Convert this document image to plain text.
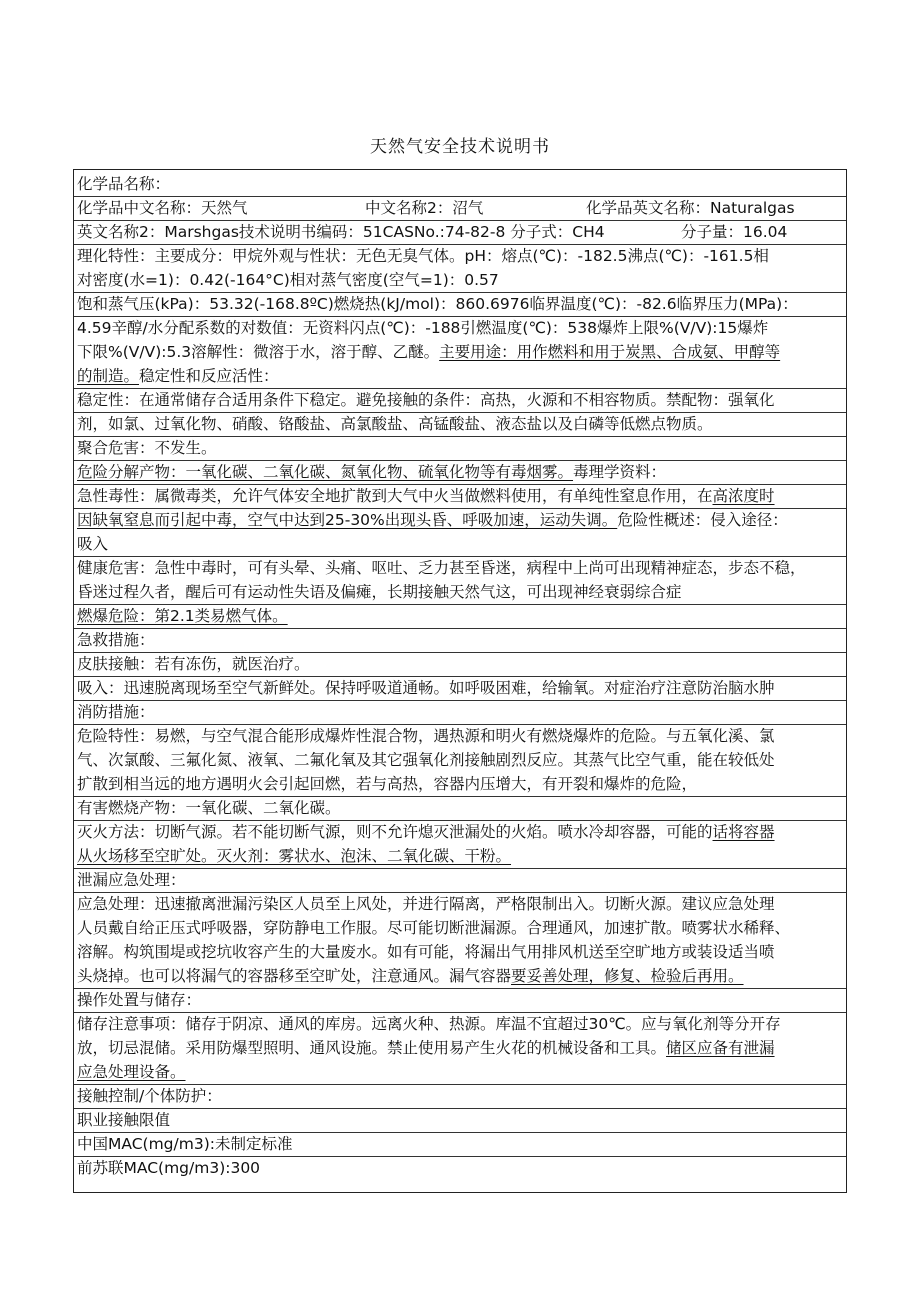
天然气安全技术说明书
化学品名称：
化学品中文名称：天然气	中文名称2：沼气	化学品英文名称：Naturalgas
英文名称2：Marshgas技术说明书编码：51CASNo.:74-82-8 分子式：CH4	分子量：16.04
理化特性：主要成分：甲烷外观与性状：无色无臭气体。pH：熔点(℃)：-182.5沸点(℃)：-161.5相
对密度(水=1)：0.42(-164°C)相对蒸气密度(空气=1)：0.57
饱和蒸气压(kPa)：53.32(-168.8ºC)燃烧热(kJ/mol)：860.6976临界温度(℃)：-82.6临界压力(MPa)：
4.59辛醇/水分配系数的对数值：无资料闪点(℃)：-188引燃温度(℃)：538爆炸上限%(V/V):15爆炸
下限%(V/V):5.3溶解性：微溶于水，溶于醇、乙醚。主要用途：用作燃料和用于炭黑、合成氨、甲醇等
的制造。稳定性和反应活性：
稳定性：在通常储存合适用条件下稳定。避免接触的条件：高热，火源和不相容物质。禁配物：强氧化
剂，如氯、过氧化物、硝酸、铬酸盐、高氯酸盐、高锰酸盐、液态盐以及白磷等低燃点物质。
聚合危害：不发生。
危险分解产物：一氧化碳、二氧化碳、氮氧化物、硫氧化物等有毒烟雾。毒理学资料：
急性毒性：属微毒类，允许气体安全地扩散到大气中火当做燃料使用，有单纯性窒息作用，在高浓度时
因缺氧窒息而引起中毒，空气中达到25-30%出现头昏、呼吸加速，运动失调。危险性概述：侵入途径：
吸入
健康危害：急性中毒时，可有头晕、头痛、呕吐、乏力甚至昏迷，病程中上尚可出现精神症态，步态不稳，
昏迷过程久者，醒后可有运动性失语及偏瘫，长期接触天然气这，可出现神经衰弱综合症
燃爆危险：第2.1类易燃气体。
急救措施：
皮肤接触：若有冻伤，就医治疗。
吸入：迅速脱离现场至空气新鲜处。保持呼吸道通畅。如呼吸困难，给输氧。对症治疗注意防治脑水肿
消防措施：
危险特性：易燃，与空气混合能形成爆炸性混合物，遇热源和明火有燃烧爆炸的危险。与五氧化溪、氯
气、次氯酸、三氟化氮、液氧、二氟化氧及其它强氧化剂接触剧烈反应。其蒸气比空气重，能在较低处
扩散到相当远的地方遇明火会引起回燃，若与高热，容器内压增大，有开裂和爆炸的危险，
有害燃烧产物：一氧化碳、二氧化碳。
灭火方法：切断气源。若不能切断气源，则不允许熄灭泄漏处的火焰。喷水冷却容器，可能的话将容器
从火场移至空旷处。灭火剂：雾状水、泡沫、二氧化碳、干粉。
泄漏应急处理：
应急处理：迅速撤离泄漏污染区人员至上风处，并进行隔离，严格限制出入。切断火源。建议应急处理
人员戴自给正压式呼吸器，穿防静电工作服。尽可能切断泄漏源。合理通风，加速扩散。喷雾状水稀释、
溶解。构筑围堤或挖坑收容产生的大量废水。如有可能，将漏出气用排风机送至空旷地方或装设适当喷
头烧掉。也可以将漏气的容器移至空旷处，注意通风。漏气容器要妥善处理，修复、检验后再用。
操作处置与储存：
储存注意事项：储存于阴凉、通风的库房。远离火种、热源。库温不宜超过30℃。应与氧化剂等分开存
放，切忌混储。采用防爆型照明、通风设施。禁止使用易产生火花的机械设备和工具。储区应备有泄漏
应急处理设备。
接触控制/个体防护：
职业接触限值
中国MAC(mg/m3):未制定标准
前苏联MAC(mg/m3):300
